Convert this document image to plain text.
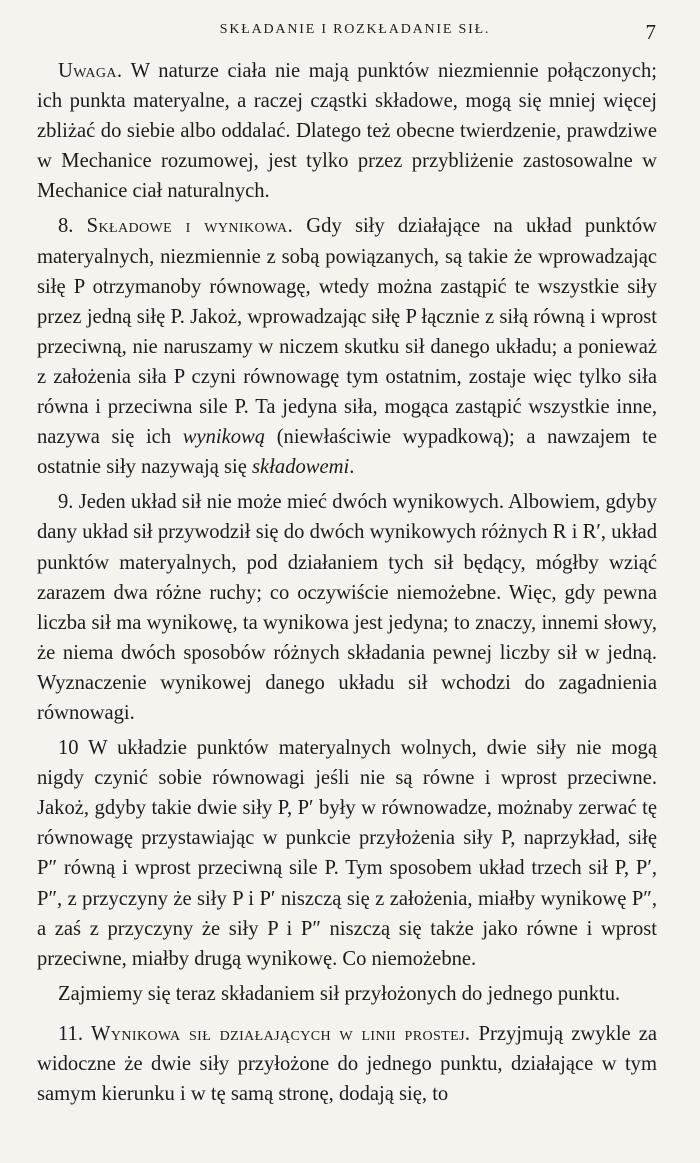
SKŁADANIE I ROZKŁADANIE SIŁ.	7

Uwaga. W naturze ciała nie mają punktów niezmiennie połączonych; ich punkta materyalne, a raczej cząstki składowe, mogą się mniej więcej zbliżać do siebie albo oddalać. Dlatego też obecne twierdzenie, prawdziwe w Mechanice rozumowej, jest tylko przez przybliżenie zastosowalne w Mechanice ciał naturalnych.

8. Składowe i wynikowa. Gdy siły działające na układ punktów materyalnych, niezmiennie z sobą powiązanych, są takie że wprowadzając siłę P otrzymanoby równowagę, wtedy można zastąpić te wszystkie siły przez jedną siłę P. Jakoż, wprowadzając siłę P łącznie z siłą równą i wprost przeciwną, nie naruszamy w niczem skutku sił danego układu; a ponieważ z założenia siła P czyni równowagę tym ostatnim, zostaje więc tylko siła równa i przeciwna sile P. Ta jedyna siła, mogąca zastąpić wszystkie inne, nazywa się ich wynikową (niewłaściwie wypadkową); a nawzajem te ostatnie siły nazywają się składowemi.

9. Jeden układ sił nie może mieć dwóch wynikowych. Albowiem, gdyby dany układ sił przywodził się do dwóch wynikowych różnych R i R′, układ punktów materyalnych, pod działaniem tych sił będący, mógłby wziąć zarazem dwa różne ruchy; co oczywiście niemożebne. Więc, gdy pewna liczba sił ma wynikowę, ta wynikowa jest jedyna; to znaczy, innemi słowy, że niema dwóch sposobów różnych składania pewnej liczby sił w jedną. Wyznaczenie wynikowej danego układu sił wchodzi do zagadnienia równowagi.

10 W układzie punktów materyalnych wolnych, dwie siły nie mogą nigdy czynić sobie równowagi jeśli nie są równe i wprost przeciwne. Jakoż, gdyby takie dwie siły P, P′ były w równowadze, możnaby zerwać tę równowagę przystawiając w punkcie przyłożenia siły P, naprzykład, siłę P″ równą i wprost przeciwną sile P. Tym sposobem układ trzech sił P, P′, P″, z przyczyny że siły P i P′ niszczą się z założenia, miałby wynikowę P″, a zaś z przyczyny że siły P i P″ niszczą się także jako równe i wprost przeciwne, miałby drugą wynikowę. Co niemożebne.

Zajmiemy się teraz składaniem sił przyłożonych do jednego punktu.

11. Wynikowa sił działających w linii prostej. Przyjmują zwykle za widoczne że dwie siły przyłożone do jednego punktu, działające w tym samym kierunku i w tę samą stronę, dodają się, to
